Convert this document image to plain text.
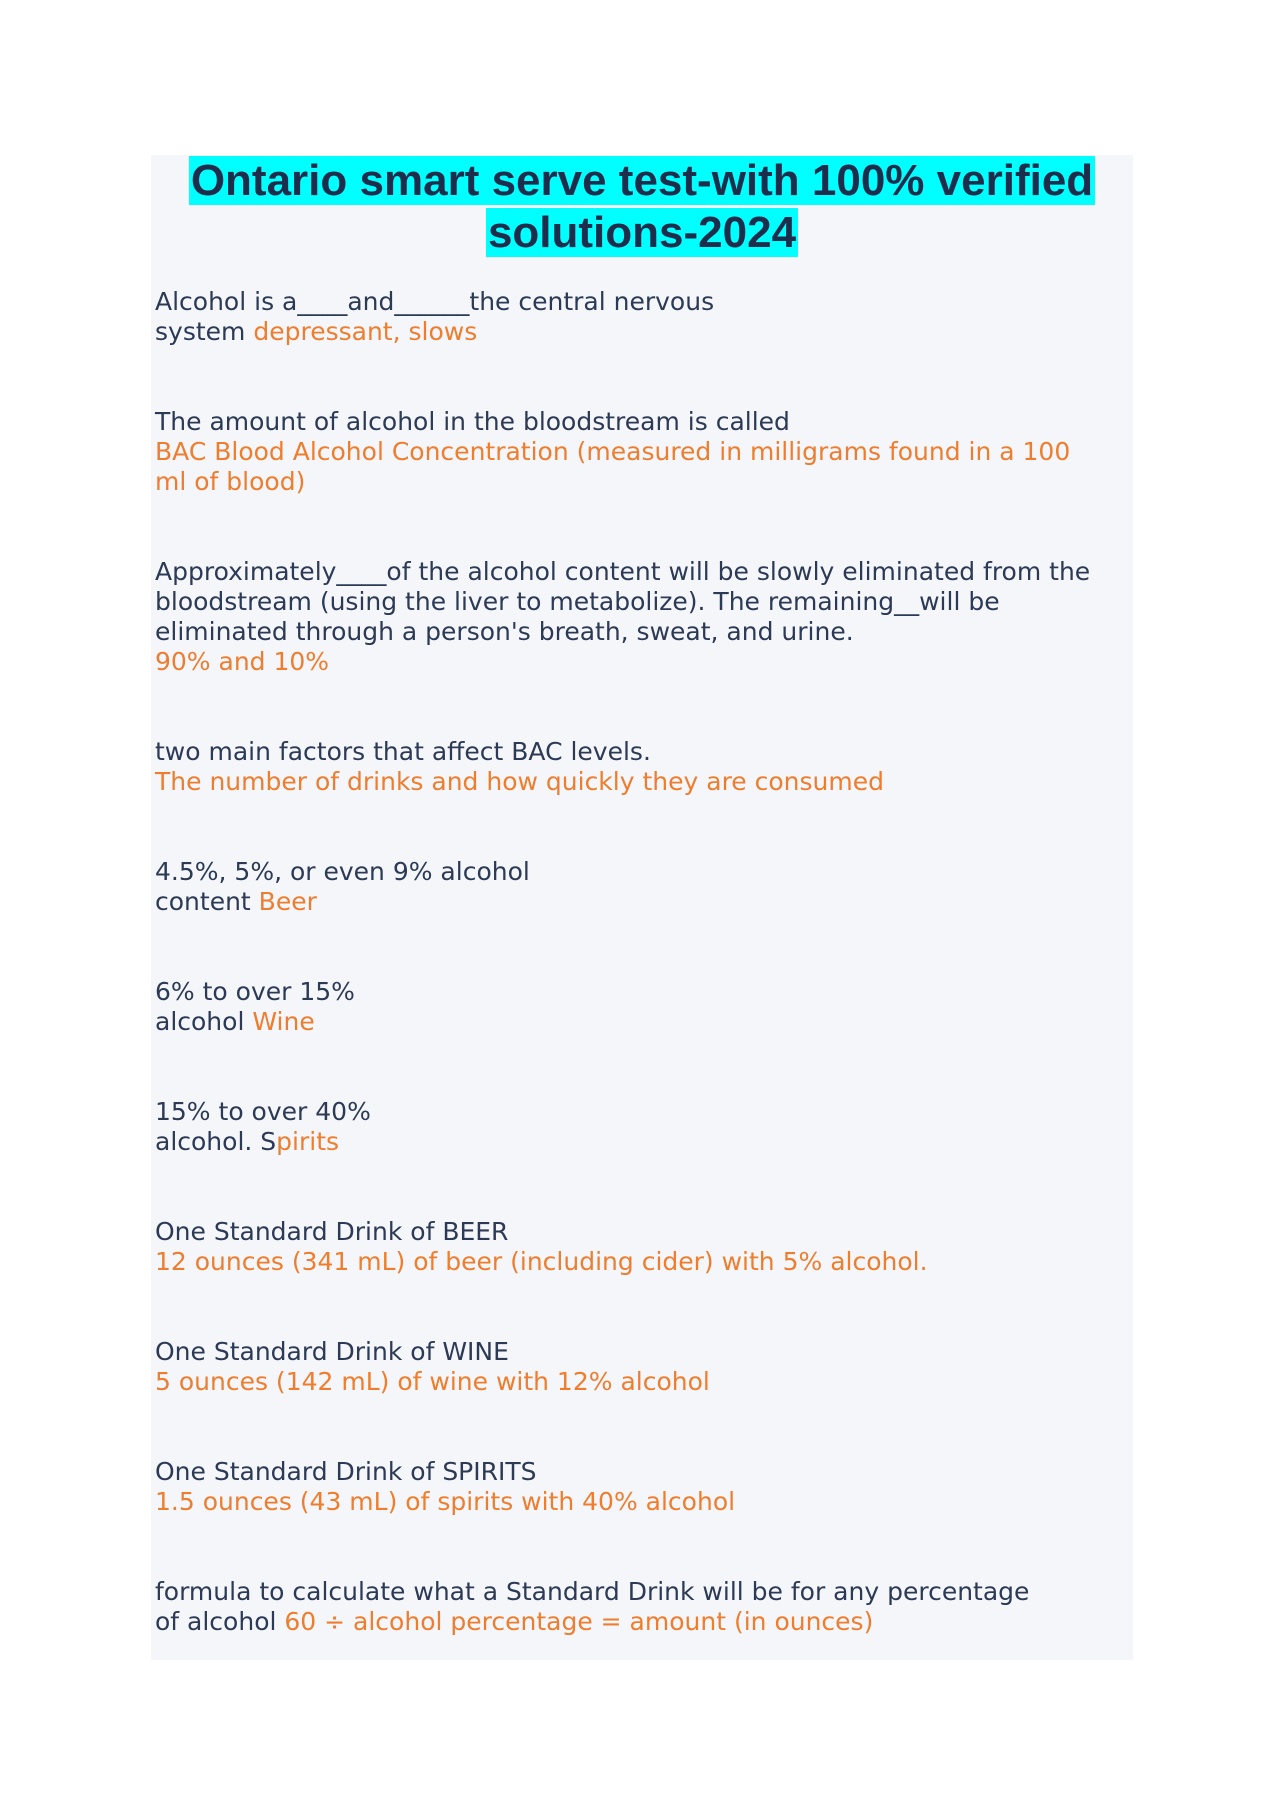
Ontario smart serve test-with 100% verified
solutions-2024

Alcohol is a____and______the central nervous

system depressant, slows

The amount of alcohol in the bloodstream is called

BAC Blood Alcohol Concentration (measured in milligrams found in a 100 ml of blood)

Approximately____of the alcohol content will be slowly eliminated from the bloodstream (using the liver to metabolize). The remaining__will be eliminated through a person's breath, sweat, and urine.

90% and 10%

two main factors that affect BAC levels.

The number of drinks and how quickly they are consumed

4.5%, 5%, or even 9% alcohol

content Beer

6% to over 15%

alcohol Wine

15% to over 40%

alcohol. Spirits

One Standard Drink of BEER

12 ounces (341 mL) of beer (including cider) with 5% alcohol.

One Standard Drink of WINE

5 ounces (142 mL) of wine with 12% alcohol

One Standard Drink of SPIRITS

1.5 ounces (43 mL) of spirits with 40% alcohol

formula to calculate what a Standard Drink will be for any percentage

of alcohol 60 ÷ alcohol percentage = amount (in ounces)
